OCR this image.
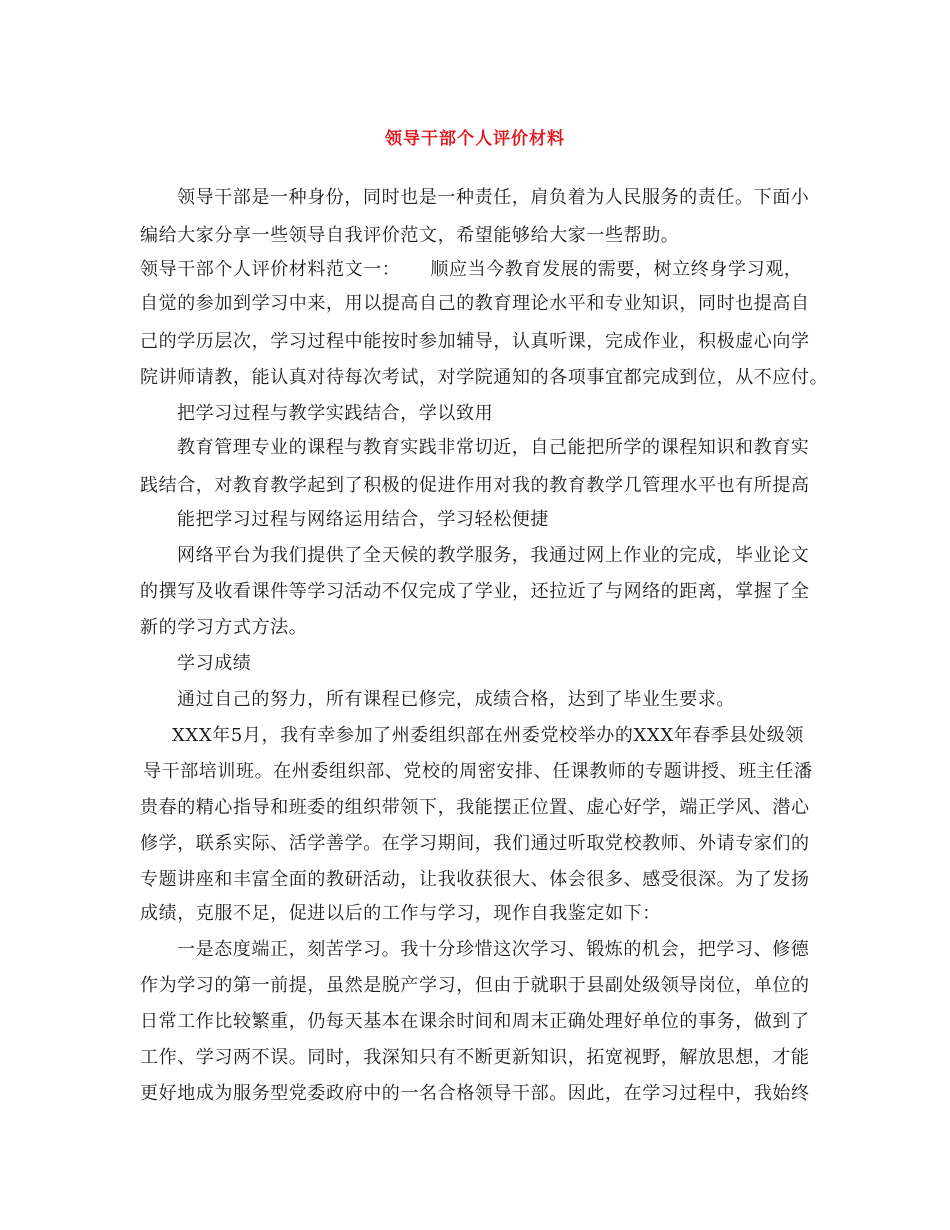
领导干部个人评价材料
领导干部是一种身份，同时也是一种责任，肩负着为人民服务的责任。下面小
编给大家分享一些领导自我评价范文，希望能够给大家一些帮助。
领导干部个人评价材料范文一： 顺应当今教育发展的需要，树立终身学习观，
自觉的参加到学习中来，用以提高自己的教育理论水平和专业知识，同时也提高自
己的学历层次，学习过程中能按时参加辅导，认真听课，完成作业，积极虚心向学
院讲师请教，能认真对待每次考试，对学院通知的各项事宜都完成到位，从不应付。
把学习过程与教学实践结合，学以致用
教育管理专业的课程与教育实践非常切近，自己能把所学的课程知识和教育实
践结合，对教育教学起到了积极的促进作用对我的教育教学几管理水平也有所提高
能把学习过程与网络运用结合，学习轻松便捷
网络平台为我们提供了全天候的教学服务，我通过网上作业的完成，毕业论文
的撰写及收看课件等学习活动不仅完成了学业，还拉近了与网络的距离，掌握了全
新的学习方式方法。
学习成绩
通过自己的努力，所有课程已修完，成绩合格，达到了毕业生要求。
XXX年5月，我有幸参加了州委组织部在州委党校举办的XXX年春季县处级领
导干部培训班。在州委组织部、党校的周密安排、任课教师的专题讲授、班主任潘
贵春的精心指导和班委的组织带领下，我能摆正位置、虚心好学，端正学风、潜心
修学，联系实际、活学善学。在学习期间，我们通过听取党校教师、外请专家们的
专题讲座和丰富全面的教研活动，让我收获很大、体会很多、感受很深。为了发扬
成绩，克服不足，促进以后的工作与学习，现作自我鉴定如下：
一是态度端正，刻苦学习。我十分珍惜这次学习、锻炼的机会，把学习、修德
作为学习的第一前提，虽然是脱产学习，但由于就职于县副处级领导岗位，单位的
日常工作比较繁重，仍每天基本在课余时间和周末正确处理好单位的事务，做到了
工作、学习两不误。同时，我深知只有不断更新知识，拓宽视野，解放思想，才能
更好地成为服务型党委政府中的一名合格领导干部。因此，在学习过程中，我始终
